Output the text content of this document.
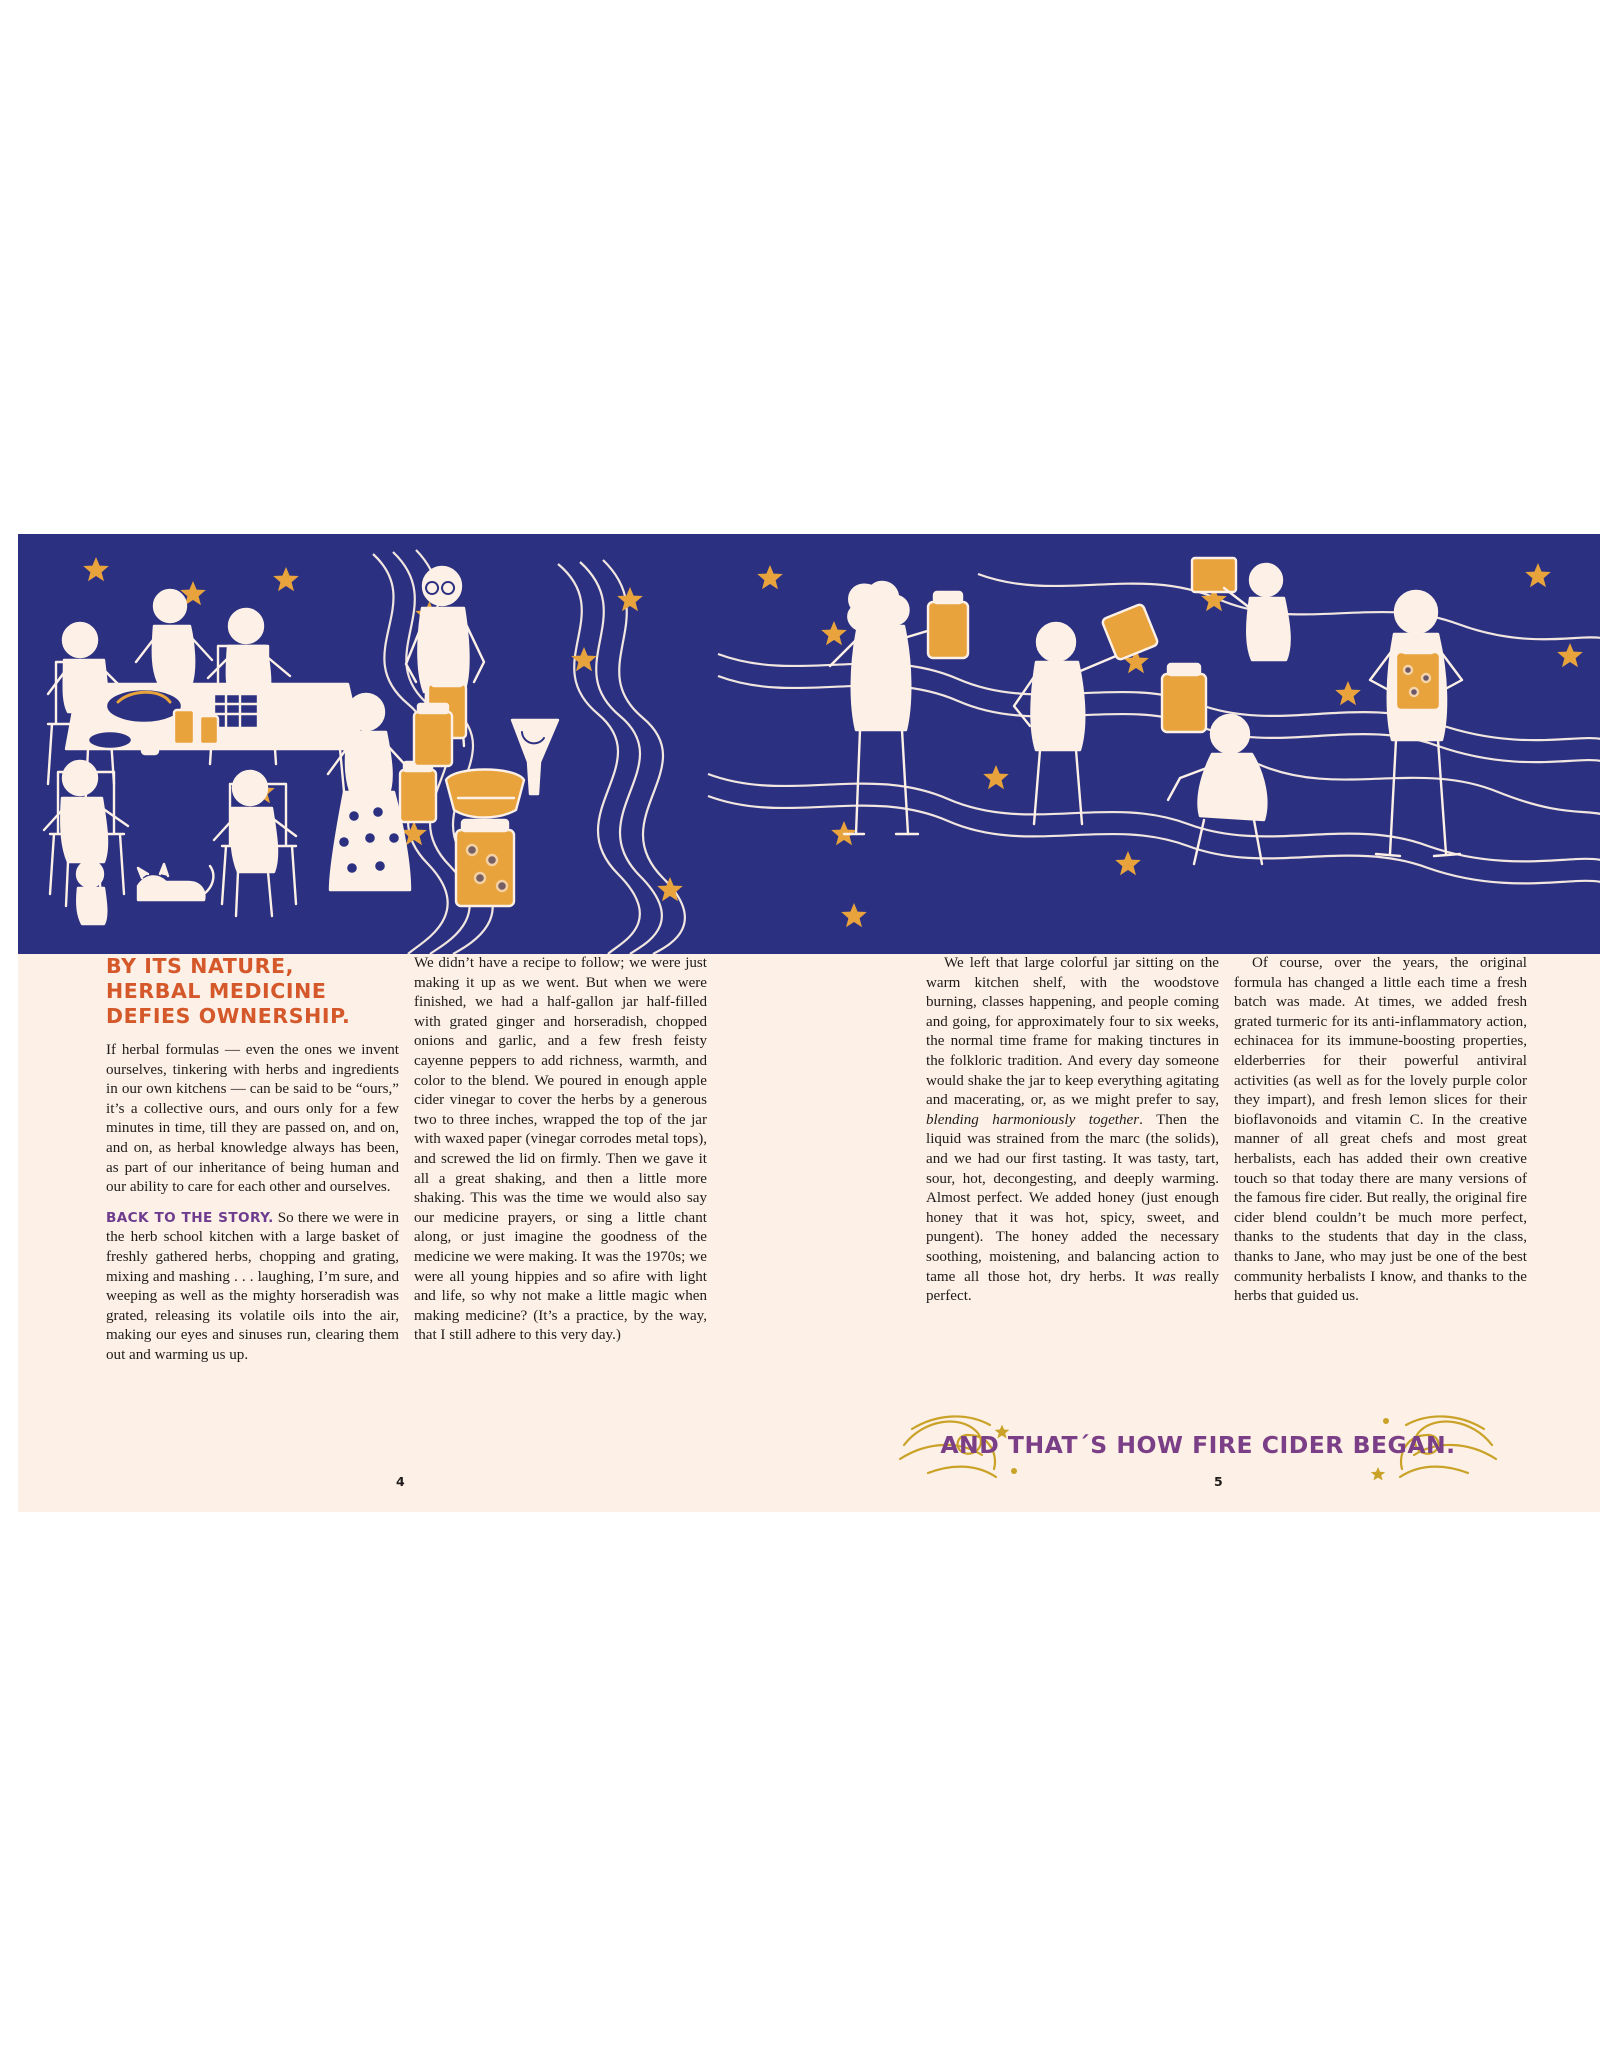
BY ITS NATURE,
HERBAL MEDICINE
DEFIES OWNERSHIP.

If herbal formulas — even the ones we invent ourselves, tinkering with herbs and ingredients in our own kitchens — can be said to be “ours,” it’s a collective ours, and ours only for a few minutes in time, till they are passed on, and on, and on, as herbal knowledge always has been, as part of our inheritance of being human and our ability to care for each other and ourselves.

BACK TO THE STORY. So there we were in the herb school kitchen with a large basket of freshly gathered herbs, chopping and grating, mixing and mashing . . . laughing, I’m sure, and weeping as well as the mighty horseradish was grated, releasing its volatile oils into the air, making our eyes and sinuses run, clearing them out and warming us up.

We didn’t have a recipe to follow; we were just making it up as we went. But when we were finished, we had a half-gallon jar half-filled with grated ginger and horseradish, chopped onions and garlic, and a few fresh feisty cayenne peppers to add richness, warmth, and color to the blend. We poured in enough apple cider vinegar to cover the herbs by a generous two to three inches, wrapped the top of the jar with waxed paper (vinegar corrodes metal tops), and screwed the lid on firmly. Then we gave it all a great shaking, and then a little more shaking. This was the time we would also say our medicine prayers, or sing a little chant along, or just imagine the goodness of the medicine we were making. It was the 1970s; we were all young hippies and so afire with light and life, so why not make a little magic when making medicine? (It’s a practice, by the way, that I still adhere to this very day.)

We left that large colorful jar sitting on the warm kitchen shelf, with the woodstove burning, classes happening, and people coming and going, for approximately four to six weeks, the normal time frame for making tinctures in the folkloric tradition. And every day someone would shake the jar to keep everything agitating and macerating, or, as we might prefer to say, blending harmoniously together. Then the liquid was strained from the marc (the solids), and we had our first tasting. It was tasty, tart, sour, hot, decongesting, and deeply warming. Almost perfect. We added honey (just enough honey that it was hot, spicy, sweet, and pungent). The honey added the necessary soothing, moistening, and balancing action to tame all those hot, dry herbs. It was really perfect.

Of course, over the years, the original formula has changed a little each time a fresh batch was made. At times, we added fresh grated turmeric for its anti-inflammatory action, echinacea for its immune-boosting properties, elderberries for their powerful antiviral activities (as well as for the lovely purple color they impart), and fresh lemon slices for their bioflavonoids and vitamin C. In the creative manner of all great chefs and most great herbalists, each has added their own creative touch so that today there are many versions of the famous fire cider. But really, the original fire cider blend couldn’t be much more perfect, thanks to the students that day in the class, thanks to Jane, who may just be one of the best community herbalists I know, and thanks to the herbs that guided us.

AND THAT´S HOW FIRE CIDER BEGAN.
4	5
